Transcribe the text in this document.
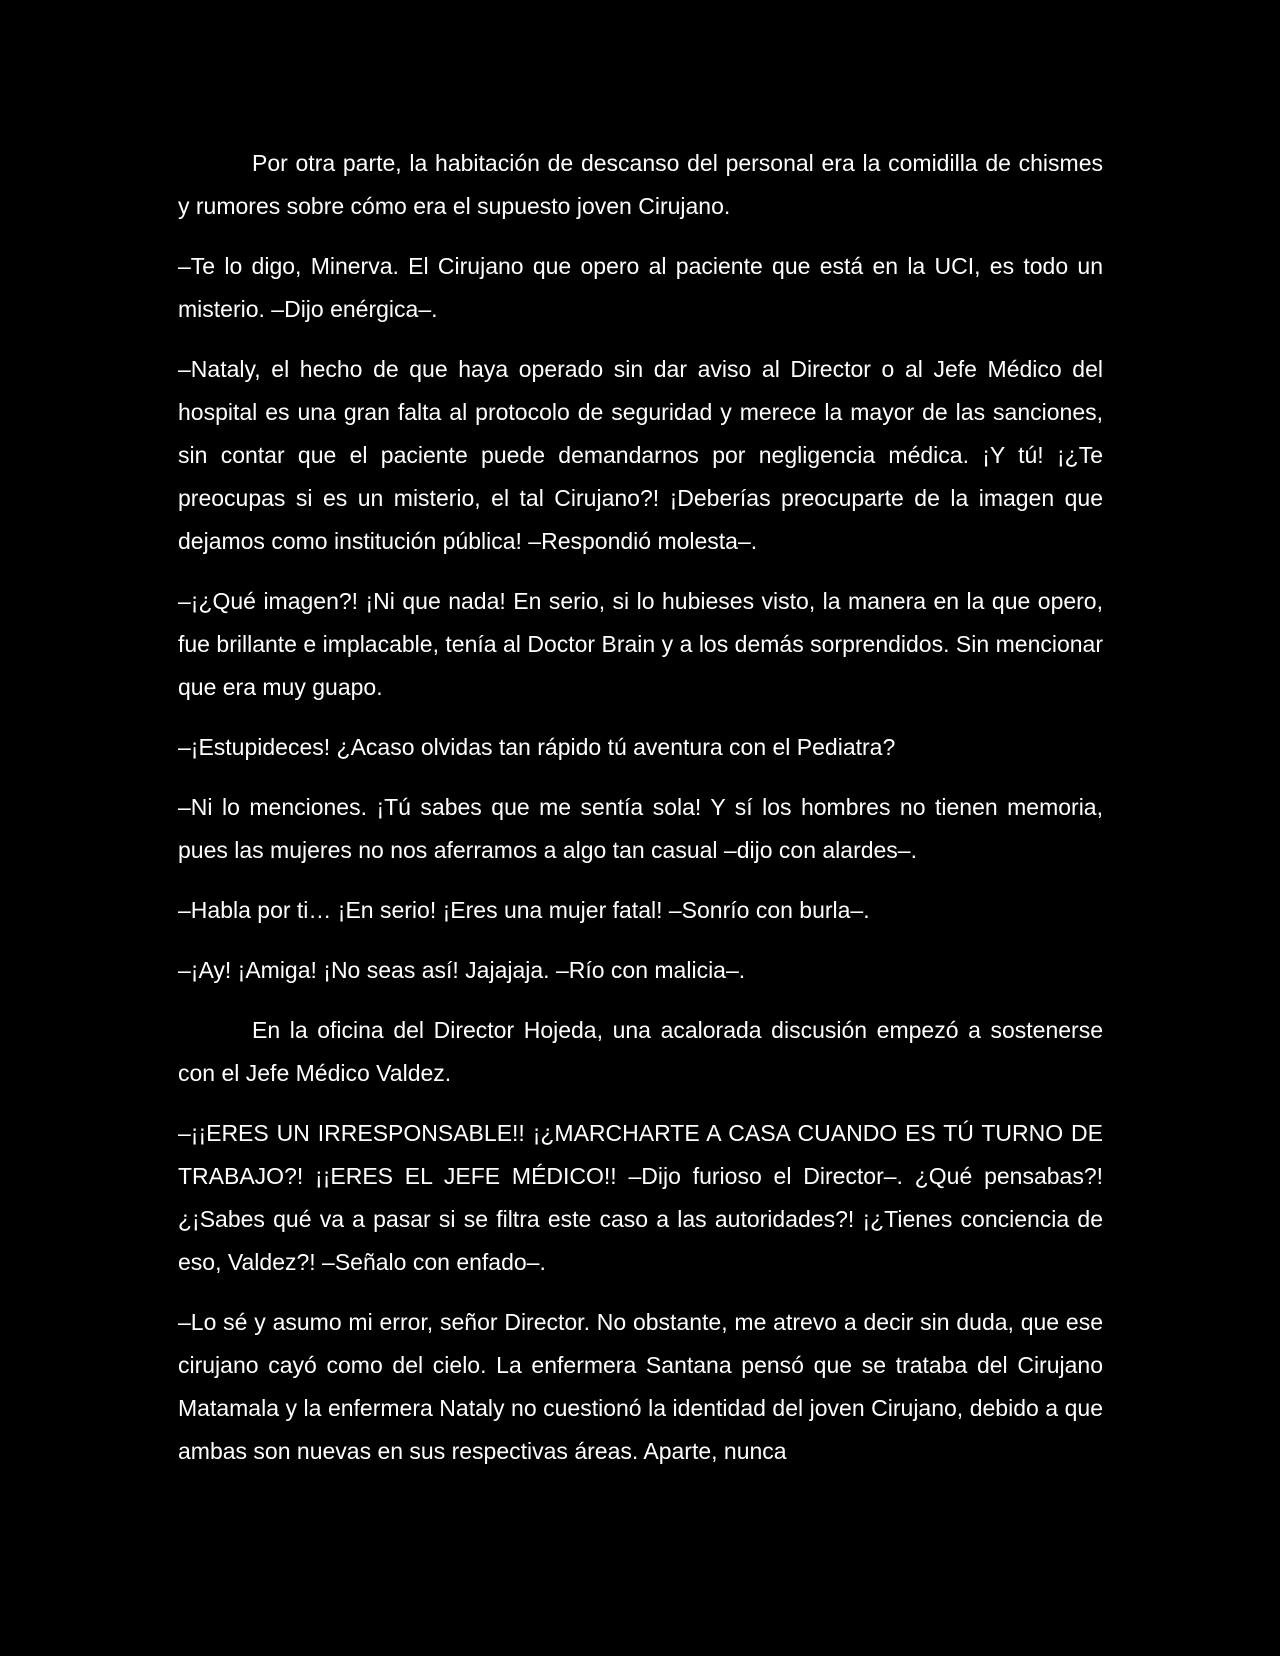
Por otra parte, la habitación de descanso del personal era la comidilla de chismes y rumores sobre cómo era el supuesto joven Cirujano.

–Te lo digo, Minerva. El Cirujano que opero al paciente que está en la UCI, es todo un misterio. –Dijo enérgica–.

–Nataly, el hecho de que haya operado sin dar aviso al Director o al Jefe Médico del hospital es una gran falta al protocolo de seguridad y merece la mayor de las sanciones, sin contar que el paciente puede demandarnos por negligencia médica. ¡Y tú! ¡¿Te preocupas si es un misterio, el tal Cirujano?! ¡Deberías preocuparte de la imagen que dejamos como institución pública! –Respondió molesta–.

–¡¿Qué imagen?! ¡Ni que nada! En serio, si lo hubieses visto, la manera en la que opero, fue brillante e implacable, tenía al Doctor Brain y a los demás sorprendidos. Sin mencionar que era muy guapo.

–¡Estupideces! ¿Acaso olvidas tan rápido tú aventura con el Pediatra?

–Ni lo menciones. ¡Tú sabes que me sentía sola! Y sí los hombres no tienen memoria, pues las mujeres no nos aferramos a algo tan casual –dijo con alardes–.

–Habla por ti… ¡En serio! ¡Eres una mujer fatal! –Sonrío con burla–.

–¡Ay! ¡Amiga! ¡No seas así! Jajajaja. –Río con malicia–.

En la oficina del Director Hojeda, una acalorada discusión empezó a sostenerse con el Jefe Médico Valdez.

–¡¡ERES UN IRRESPONSABLE!! ¡¿MARCHARTE A CASA CUANDO ES TÚ TURNO DE TRABAJO?! ¡¡ERES EL JEFE MÉDICO!! –Dijo furioso el Director–. ¿Qué pensabas?! ¿¡Sabes qué va a pasar si se filtra este caso a las autoridades?! ¡¿Tienes conciencia de eso, Valdez?! –Señalo con enfado–.

–Lo sé y asumo mi error, señor Director. No obstante, me atrevo a decir sin duda, que ese cirujano cayó como del cielo. La enfermera Santana pensó que se trataba del Cirujano Matamala y la enfermera Nataly no cuestionó la identidad del joven Cirujano, debido a que ambas son nuevas en sus respectivas áreas. Aparte, nunca
